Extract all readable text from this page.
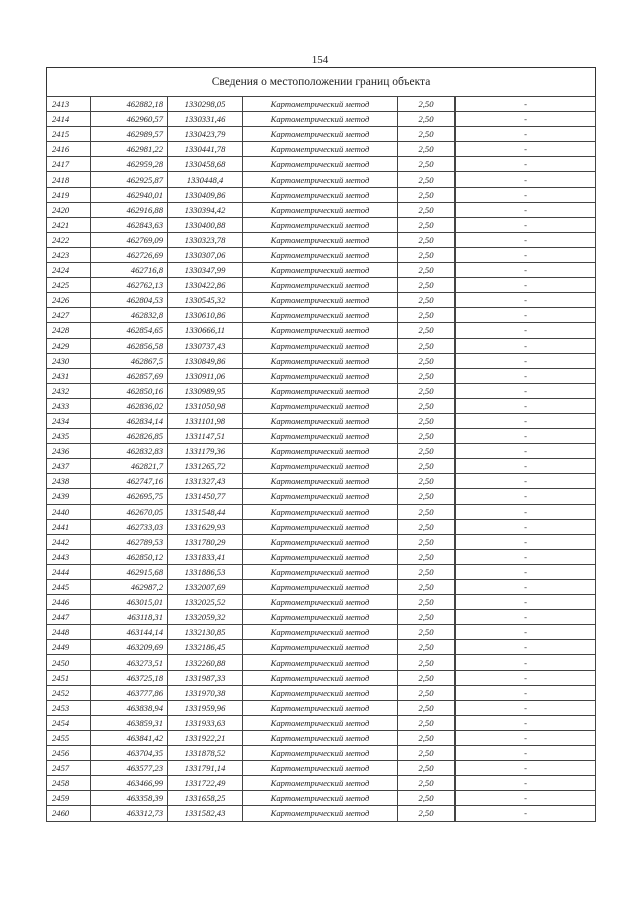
154
Сведения о местоположении границ объекта
2413	462882,18	1330298,05	Картометрический метод	2,50		-
2414	462960,57	1330331,46	Картометрический метод	2,50		-
2415	462989,57	1330423,79	Картометрический метод	2,50		-
2416	462981,22	1330441,78	Картометрический метод	2,50		-
2417	462959,28	1330458,68	Картометрический метод	2,50		-
2418	462925,87	1330448,4	Картометрический метод	2,50		-
2419	462940,01	1330409,86	Картометрический метод	2,50		-
2420	462916,88	1330394,42	Картометрический метод	2,50		-
2421	462843,63	1330400,88	Картометрический метод	2,50		-
2422	462769,09	1330323,78	Картометрический метод	2,50		-
2423	462726,69	1330307,06	Картометрический метод	2,50		-
2424	462716,8	1330347,99	Картометрический метод	2,50		-
2425	462762,13	1330422,86	Картометрический метод	2,50		-
2426	462804,53	1330545,32	Картометрический метод	2,50		-
2427	462832,8	1330610,86	Картометрический метод	2,50		-
2428	462854,65	1330666,11	Картометрический метод	2,50		-
2429	462856,58	1330737,43	Картометрический метод	2,50		-
2430	462867,5	1330849,86	Картометрический метод	2,50		-
2431	462857,69	1330911,06	Картометрический метод	2,50		-
2432	462850,16	1330989,95	Картометрический метод	2,50		-
2433	462836,02	1331050,98	Картометрический метод	2,50		-
2434	462834,14	1331101,98	Картометрический метод	2,50		-
2435	462826,85	1331147,51	Картометрический метод	2,50		-
2436	462832,83	1331179,36	Картометрический метод	2,50		-
2437	462821,7	1331265,72	Картометрический метод	2,50		-
2438	462747,16	1331327,43	Картометрический метод	2,50		-
2439	462695,75	1331450,77	Картометрический метод	2,50		-
2440	462670,05	1331548,44	Картометрический метод	2,50		-
2441	462733,03	1331629,93	Картометрический метод	2,50		-
2442	462789,53	1331780,29	Картометрический метод	2,50		-
2443	462850,12	1331833,41	Картометрический метод	2,50		-
2444	462915,68	1331886,53	Картометрический метод	2,50		-
2445	462987,2	1332007,69	Картометрический метод	2,50		-
2446	463015,01	1332025,52	Картометрический метод	2,50		-
2447	463118,31	1332059,32	Картометрический метод	2,50		-
2448	463144,14	1332130,85	Картометрический метод	2,50		-
2449	463209,69	1332186,45	Картометрический метод	2,50		-
2450	463273,51	1332260,88	Картометрический метод	2,50		-
2451	463725,18	1331987,33	Картометрический метод	2,50		-
2452	463777,86	1331970,38	Картометрический метод	2,50		-
2453	463838,94	1331959,96	Картометрический метод	2,50		-
2454	463859,31	1331933,63	Картометрический метод	2,50		-
2455	463841,42	1331922,21	Картометрический метод	2,50		-
2456	463704,35	1331878,52	Картометрический метод	2,50		-
2457	463577,23	1331791,14	Картометрический метод	2,50		-
2458	463466,99	1331722,49	Картометрический метод	2,50		-
2459	463358,39	1331658,25	Картометрический метод	2,50		-
2460	463312,73	1331582,43	Картометрический метод	2,50		-
